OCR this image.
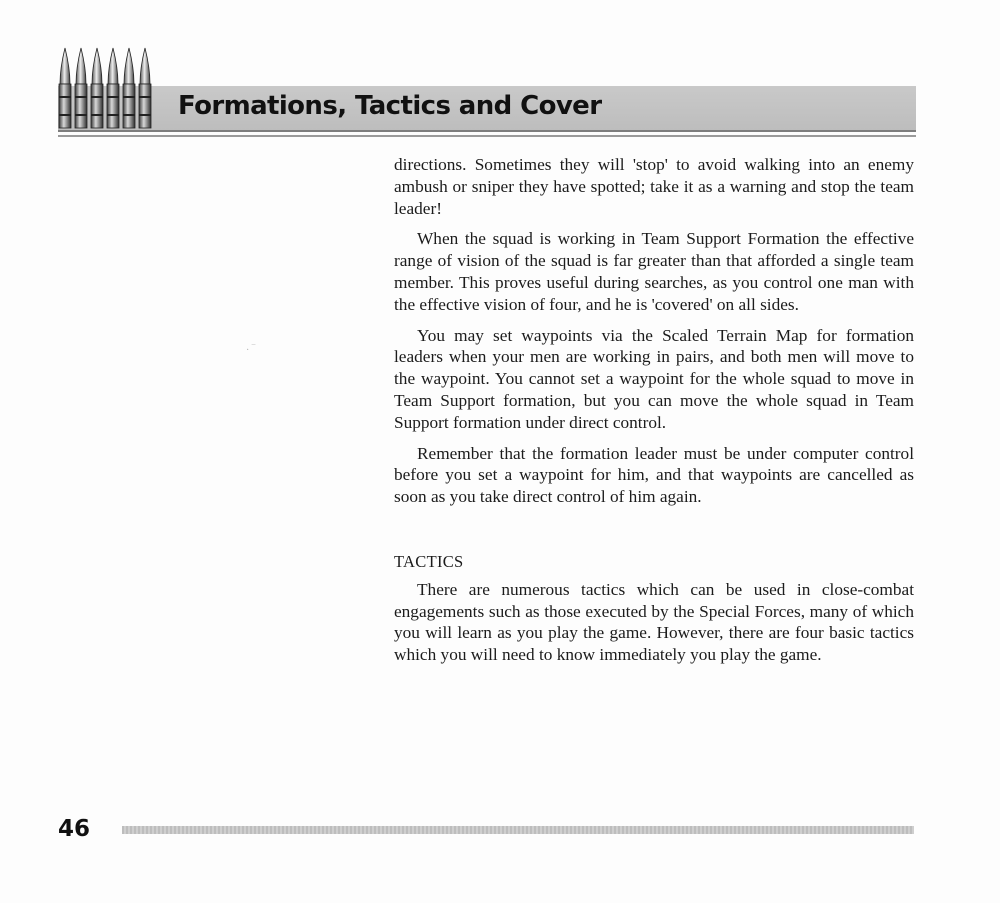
Formations, Tactics and Cover

directions. Sometimes they will 'stop' to avoid walking into an enemy ambush or sniper they have spotted; take it as a warning and stop the team leader!

When the squad is working in Team Support Formation the effective range of vision of the squad is far greater than that afforded a single team member. This proves useful during searches, as you control one man with the effective vision of four, and he is 'covered' on all sides.

You may set waypoints via the Scaled Terrain Map for formation leaders when your men are working in pairs, and both men will move to the waypoint. You cannot set a waypoint for the whole squad to move in Team Support formation, but you can move the whole squad in Team Support formation under direct control.

Remember that the formation leader must be under computer control before you set a waypoint for him, and that waypoints are cancelled as soon as you take direct control of him again.

TACTICS

There are numerous tactics which can be used in close-combat engagements such as those executed by the Special Forces, many of which you will learn as you play the game. However, there are four basic tactics which you will need to know immediately you play the game.

· ‾
46
